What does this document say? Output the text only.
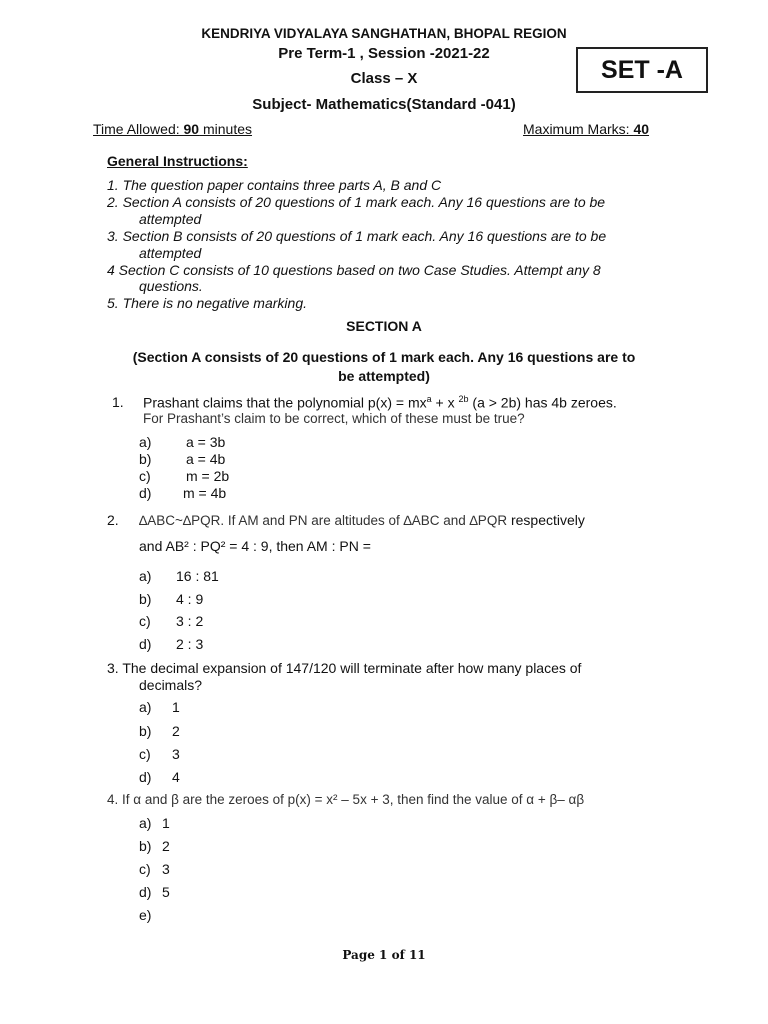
KENDRIYA VIDYALAYA SANGHATHAN, BHOPAL REGION
Pre Term-1 , Session -2021-22
Class – X
Subject- Mathematics(Standard -041)
SET -A
Time Allowed: 90 minutes	Maximum Marks: 40
General Instructions:
1. The question paper contains three parts A, B and C
2. Section A consists of 20 questions of 1 mark each. Any 16 questions are to be
attempted
3. Section B consists of 20 questions of 1 mark each. Any 16 questions are to be
attempted
4 Section C consists of 10 questions based on two Case Studies. Attempt any 8
questions.
5. There is no negative marking.
SECTION A
(Section A consists of 20 questions of 1 mark each. Any 16 questions are to
be attempted)
1. Prashant claims that the polynomial $p(x) = mx^a + x$ $^{2b}$ (a > 2b) has 4b zeroes.
For Prashant’s claim to be correct, which of these must be true?
a) a = 3b
b) a = 4b
c)	m = 2b
d) m = 4b
2. ∆ABC~∆PQR. If AM and PN are altitudes of ∆ABC and ∆PQR respectively
and AB² : PQ² = 4 : 9, then AM : PN =
a) 16 : 81
b) 4 : 9
c) 3 : 2
d) 2 : 3
3. The decimal expansion of 147/120 will terminate after how many places of
decimals?
a) 1
b) 2
c) 3
d) 4
4. If α and β are the zeroes of p(x) = x² – 5x + 3, then find the value of α + β– αβ
a) 1
b) 2
c) 3
d) 5
e)
Page 1 of 11
